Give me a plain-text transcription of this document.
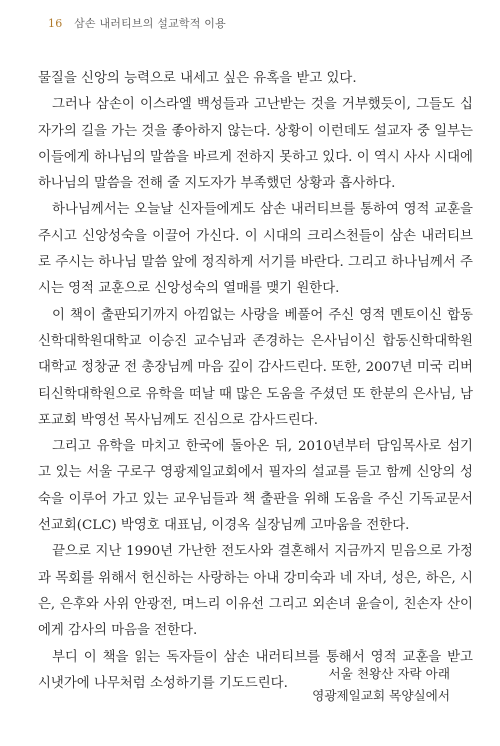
16 삼손 내러티브의 설교학적 이용

물질을 신앙의 능력으로 내세고 싶은 유혹을 받고 있다.

그러나 삼손이 이스라엘 백성들과 고난받는 것을 거부했듯이, 그들도 십자가의 길을 가는 것을 좋아하지 않는다. 상황이 이런데도 설교자 중 일부는 이들에게 하나님의 말씀을 바르게 전하지 못하고 있다. 이 역시 사사 시대에 하나님의 말씀을 전해 줄 지도자가 부족했던 상황과 흡사하다.

하나님께서는 오늘날 신자들에게도 삼손 내러티브를 통하여 영적 교훈을 주시고 신앙성숙을 이끌어 가신다. 이 시대의 크리스천들이 삼손 내러티브로 주시는 하나님 말씀 앞에 정직하게 서기를 바란다. 그리고 하나님께서 주시는 영적 교훈으로 신앙성숙의 열매를 맺기 원한다.

이 책이 출판되기까지 아낌없는 사랑을 베풀어 주신 영적 멘토이신 합동신학대학원대학교 이승진 교수님과 존경하는 은사님이신 합동신학대학원대학교 정창균 전 총장님께 마음 깊이 감사드린다. 또한, 2007년 미국 리버티신학대학원으로 유학을 떠날 때 많은 도움을 주셨던 또 한분의 은사님, 남포교회 박영선 목사님께도 진심으로 감사드린다.

그리고 유학을 마치고 한국에 돌아온 뒤, 2010년부터 담임목사로 섬기고 있는 서울 구로구 영광제일교회에서 필자의 설교를 듣고 함께 신앙의 성숙을 이루어 가고 있는 교우님들과 책 출판을 위해 도움을 주신 기독교문서선교회(CLC) 박영호 대표님, 이경옥 실장님께 고마움을 전한다.

끝으로 지난 1990년 가난한 전도사와 결혼해서 지금까지 믿음으로 가정과 목회를 위해서 헌신하는 사랑하는 아내 강미숙과 네 자녀, 성은, 하은, 시은, 은후와 사위 안광전, 며느리 이유선 그리고 외손녀 윤슬이, 친손자 산이에게 감사의 마음을 전한다.

부디 이 책을 읽는 독자들이 삼손 내러티브를 통해서 영적 교훈을 받고 시냇가에 나무처럼 소성하기를 기도드린다.

서울 천왕산 자락 아래
영광제일교회 목양실에서
